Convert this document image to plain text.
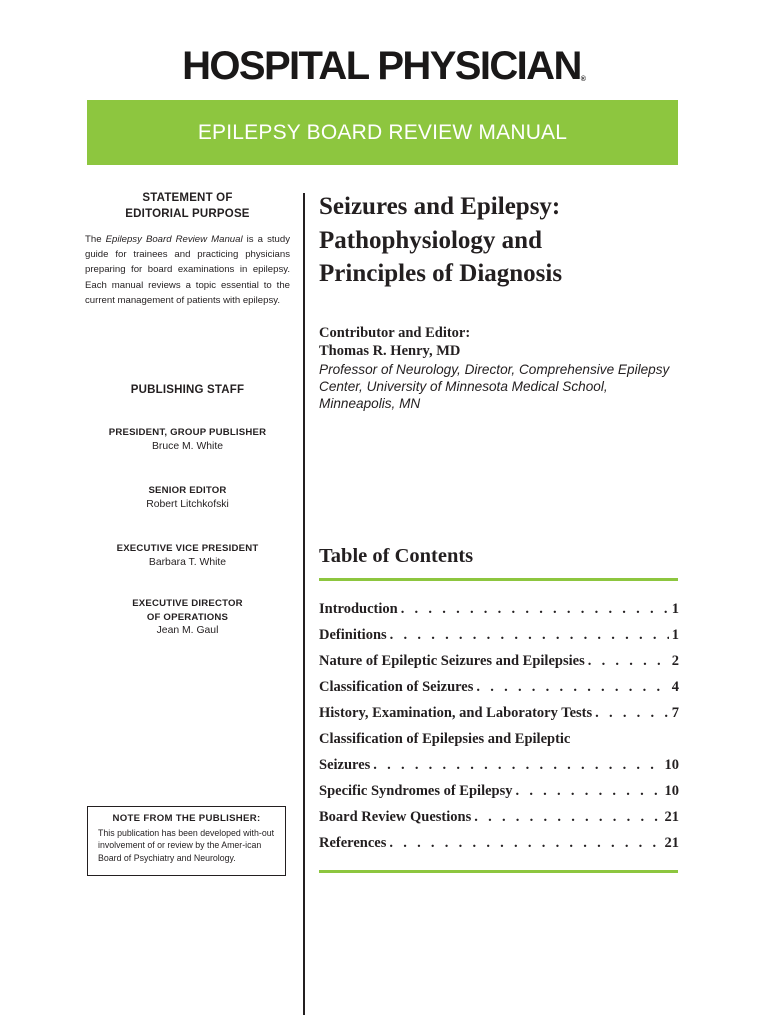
HOSPITAL PHYSICIAN®
EPILEPSY BOARD REVIEW MANUAL
STATEMENT OF
EDITORIAL PURPOSE
The Epilepsy Board Review Manual is a study guide for trainees and practicing physicians preparing for board examinations in epilepsy. Each manual reviews a topic essential to the current management of patients with epilepsy.
PUBLISHING STAFF
PRESIDENT, GROUP PUBLISHER
Bruce M. White
SENIOR EDITOR
Robert Litchkofski
EXECUTIVE VICE PRESIDENT
Barbara T. White
EXECUTIVE DIRECTOR
OF OPERATIONS
Jean M. Gaul
NOTE FROM THE PUBLISHER:
This publication has been developed with-out involvement of or review by the Amer-ican Board of Psychiatry and Neurology.
Seizures and Epilepsy:
Pathophysiology and
Principles of Diagnosis
Contributor and Editor:
Thomas R. Henry, MD
Professor of Neurology, Director, Comprehensive Epilepsy Center, University of Minnesota Medical School, Minneapolis, MN
Table of Contents
Introduction . . .	1
Definitions . . .	1
Nature of Epileptic Seizures and Epilepsies . . .	2
Classification of Seizures . . .	4
History, Examination, and Laboratory Tests . . .	7
Classification of Epilepsies and Epileptic
Seizures . . .	10
Specific Syndromes of Epilepsy . . .	10
Board Review Questions . . .	21
References . . .	21
